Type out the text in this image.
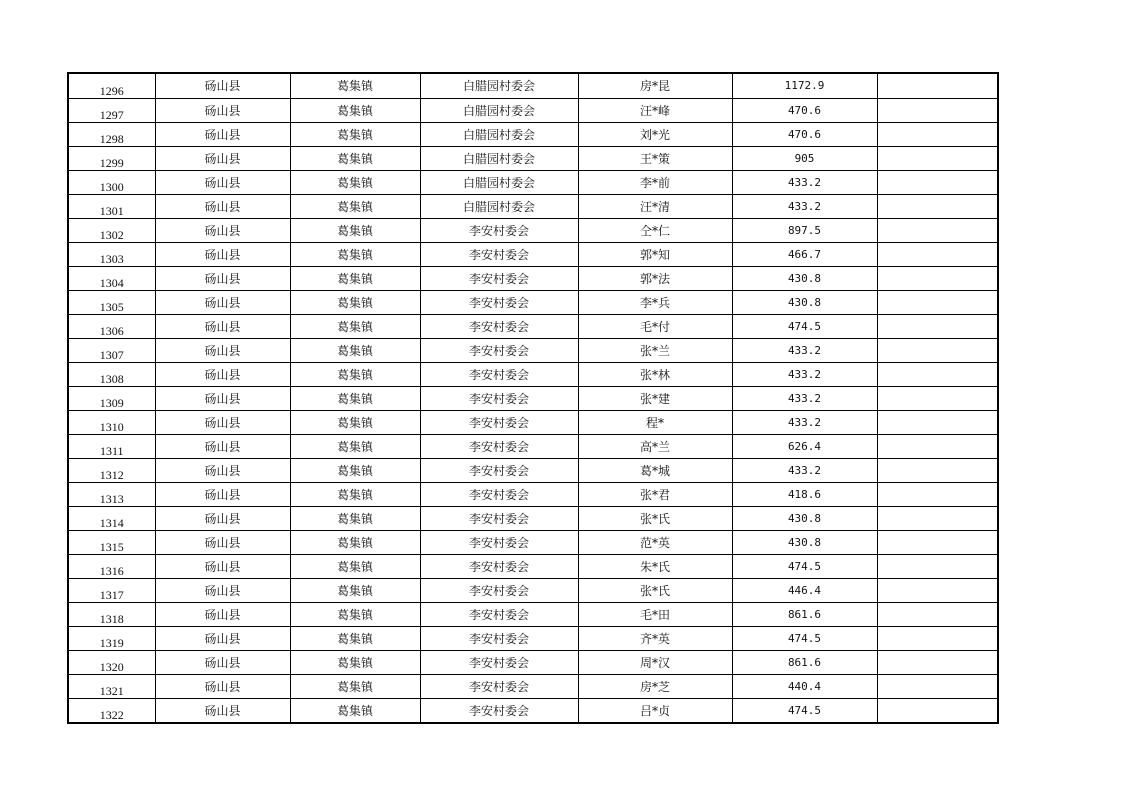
1296	砀山县	葛集镇	白腊园村委会	房*昆	1172.9	
1297	砀山县	葛集镇	白腊园村委会	汪*峰	470.6	
1298	砀山县	葛集镇	白腊园村委会	刘*光	470.6	
1299	砀山县	葛集镇	白腊园村委会	王*策	905	
1300	砀山县	葛集镇	白腊园村委会	李*前	433.2	
1301	砀山县	葛集镇	白腊园村委会	汪*清	433.2	
1302	砀山县	葛集镇	李安村委会	仝*仁	897.5	
1303	砀山县	葛集镇	李安村委会	郭*知	466.7	
1304	砀山县	葛集镇	李安村委会	郭*法	430.8	
1305	砀山县	葛集镇	李安村委会	李*兵	430.8	
1306	砀山县	葛集镇	李安村委会	毛*付	474.5	
1307	砀山县	葛集镇	李安村委会	张*兰	433.2	
1308	砀山县	葛集镇	李安村委会	张*林	433.2	
1309	砀山县	葛集镇	李安村委会	张*建	433.2	
1310	砀山县	葛集镇	李安村委会	程*	433.2	
1311	砀山县	葛集镇	李安村委会	高*兰	626.4	
1312	砀山县	葛集镇	李安村委会	葛*城	433.2	
1313	砀山县	葛集镇	李安村委会	张*君	418.6	
1314	砀山县	葛集镇	李安村委会	张*氏	430.8	
1315	砀山县	葛集镇	李安村委会	范*英	430.8	
1316	砀山县	葛集镇	李安村委会	朱*氏	474.5	
1317	砀山县	葛集镇	李安村委会	张*氏	446.4	
1318	砀山县	葛集镇	李安村委会	毛*田	861.6	
1319	砀山县	葛集镇	李安村委会	齐*英	474.5	
1320	砀山县	葛集镇	李安村委会	周*汉	861.6	
1321	砀山县	葛集镇	李安村委会	房*芝	440.4	
1322	砀山县	葛集镇	李安村委会	吕*贞	474.5	
